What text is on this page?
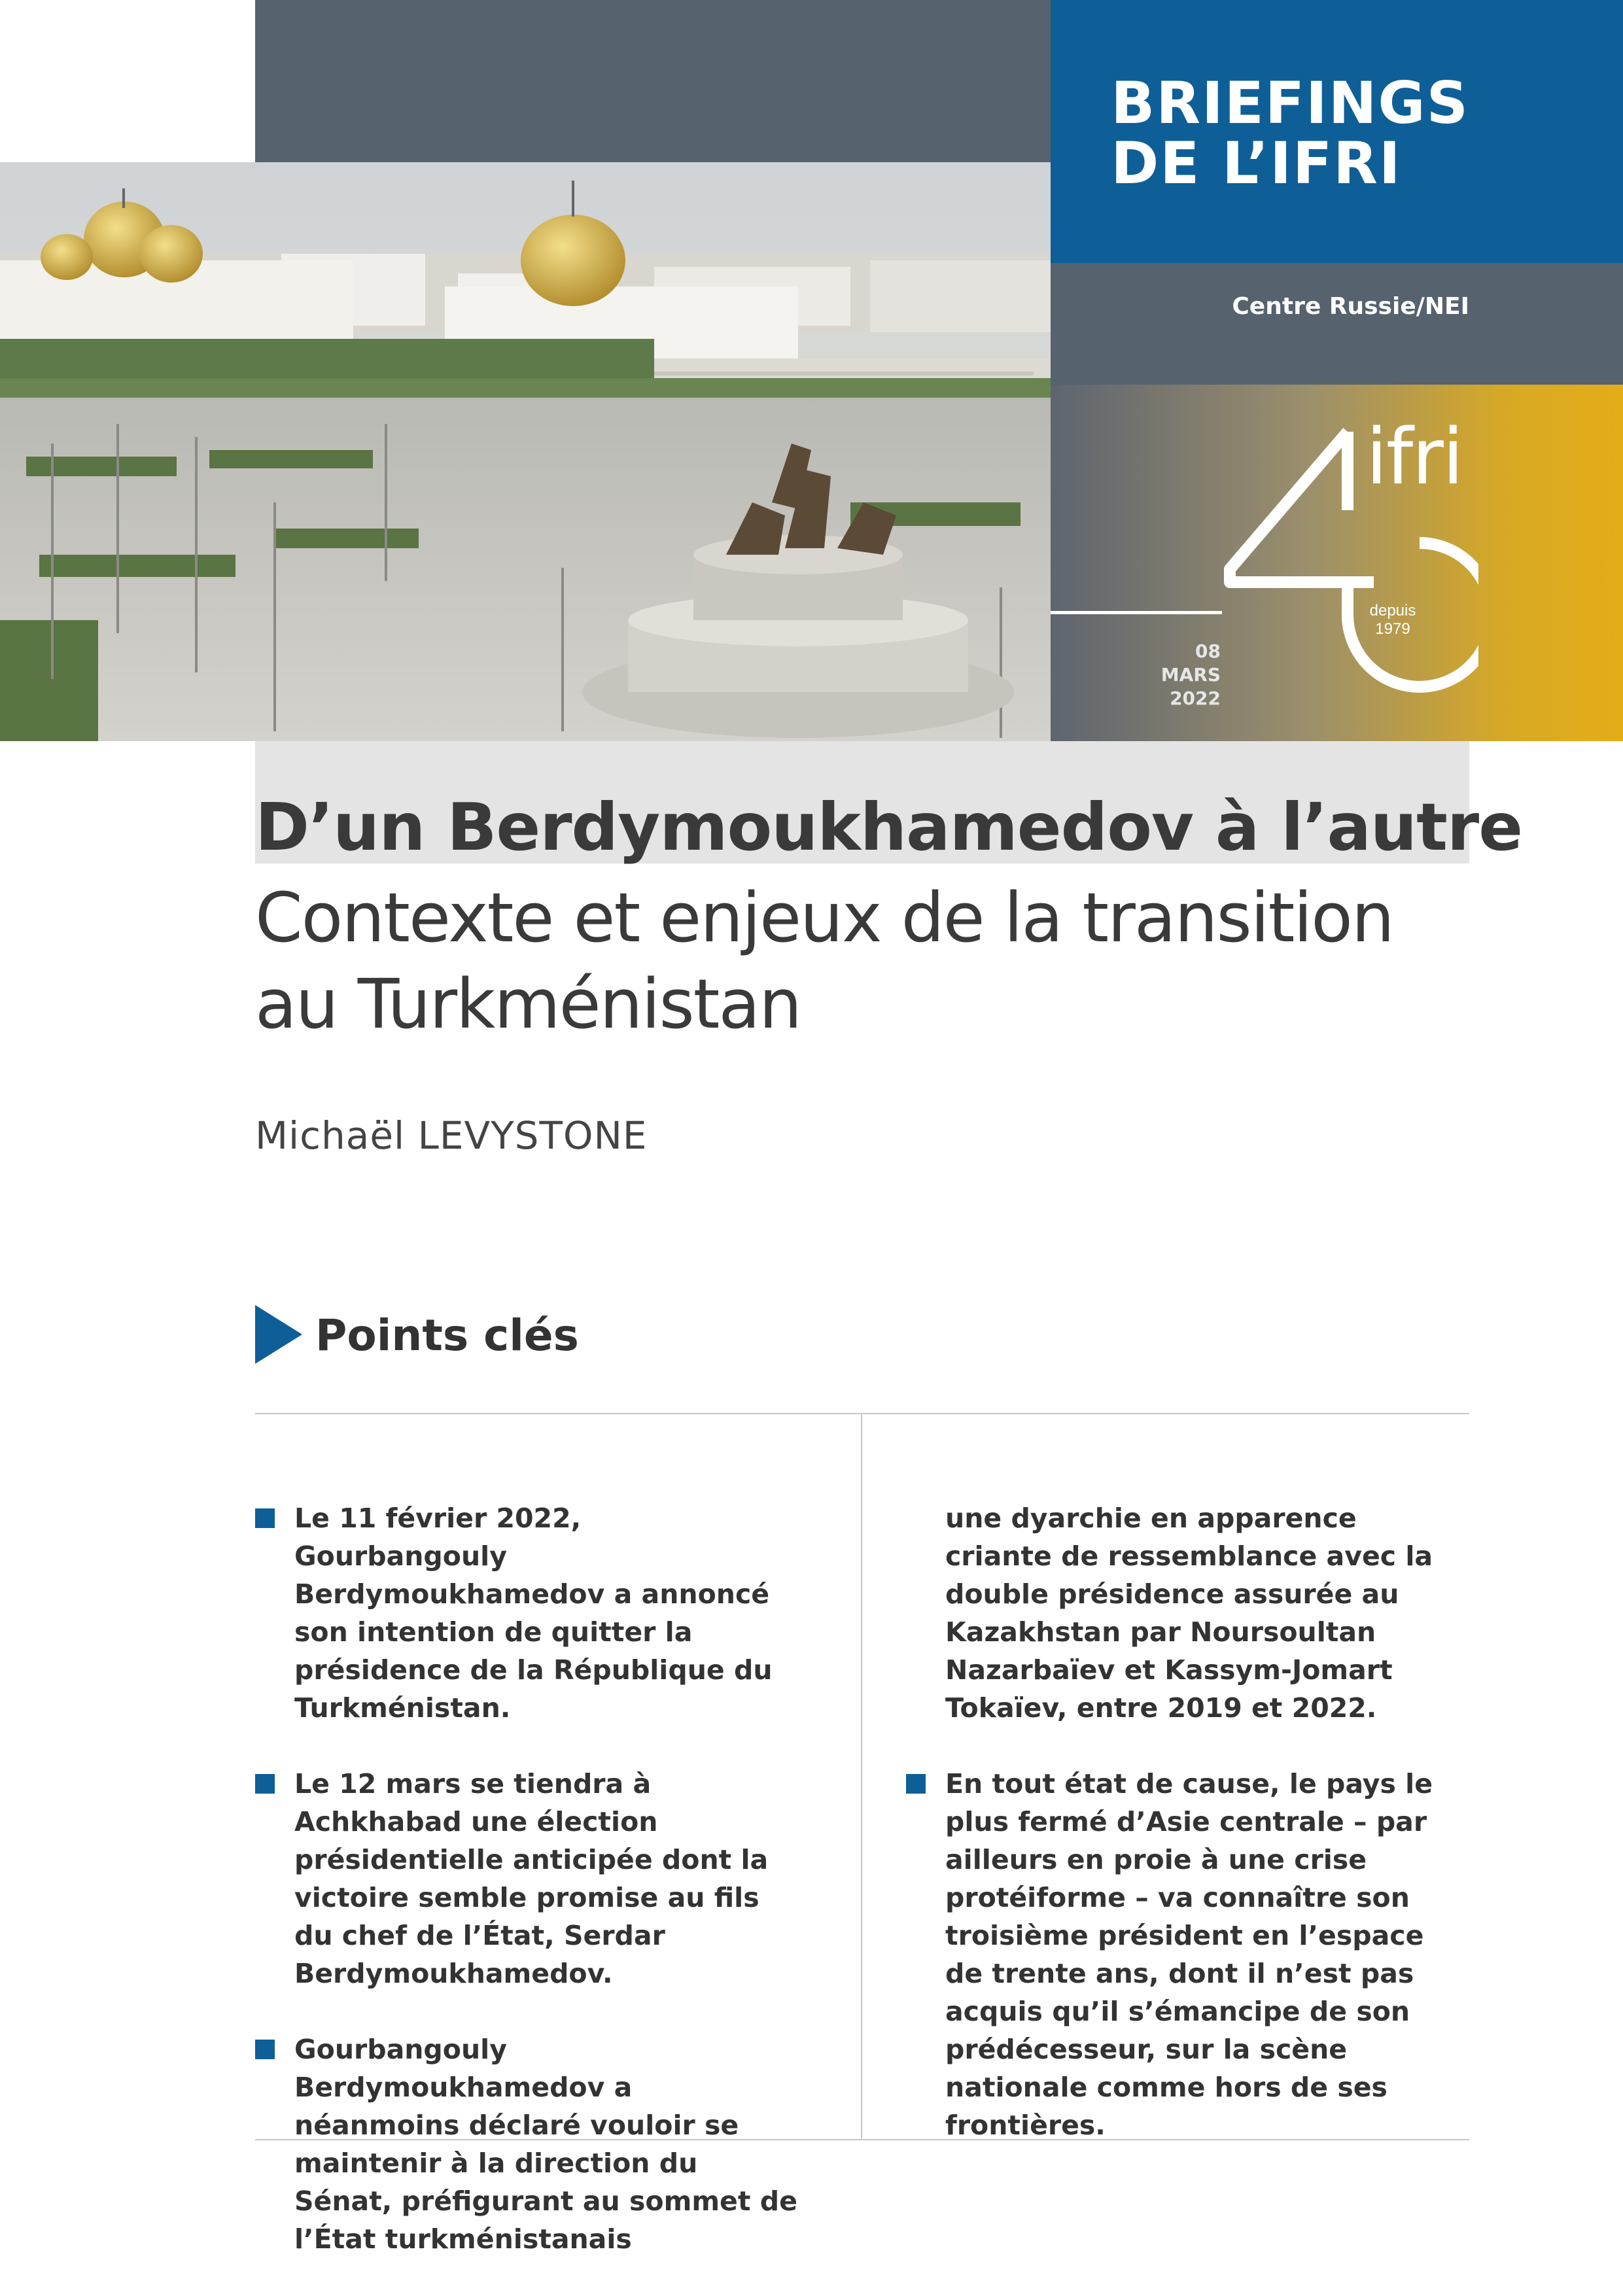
BRIEFINGS
DE L’IFRI
Centre Russie/NEI
08
MARS
2022
ifri
depuis
1979
D’un Berdymoukhamedov à l’autre
Contexte et enjeux de la transition
au Turkménistan
Michaël LEVYSTONE
Points clés
Le 11 février 2022, Gourbangouly Berdymoukhamedov a annoncé son intention de quitter la présidence de la République du Turkménistan.
Le 12 mars se tiendra à Achkhabad une élection présidentielle anticipée dont la victoire semble promise au fils du chef de l’État, Serdar Berdymoukhamedov.
Gourbangouly Berdymoukhamedov a néanmoins déclaré vouloir se maintenir à la direction du Sénat, préfigurant au sommet de l’État turkménistanais
une dyarchie en apparence criante de ressemblance avec la double présidence assurée au Kazakhstan par Noursoultan Nazarbaïev et Kassym-Jomart Tokaïev, entre 2019 et 2022.
En tout état de cause, le pays le plus fermé d’Asie centrale – par ailleurs en proie à une crise protéiforme – va connaître son troisième président en l’espace de trente ans, dont il n’est pas acquis qu’il s’émancipe de son prédécesseur, sur la scène nationale comme hors de ses frontières.
